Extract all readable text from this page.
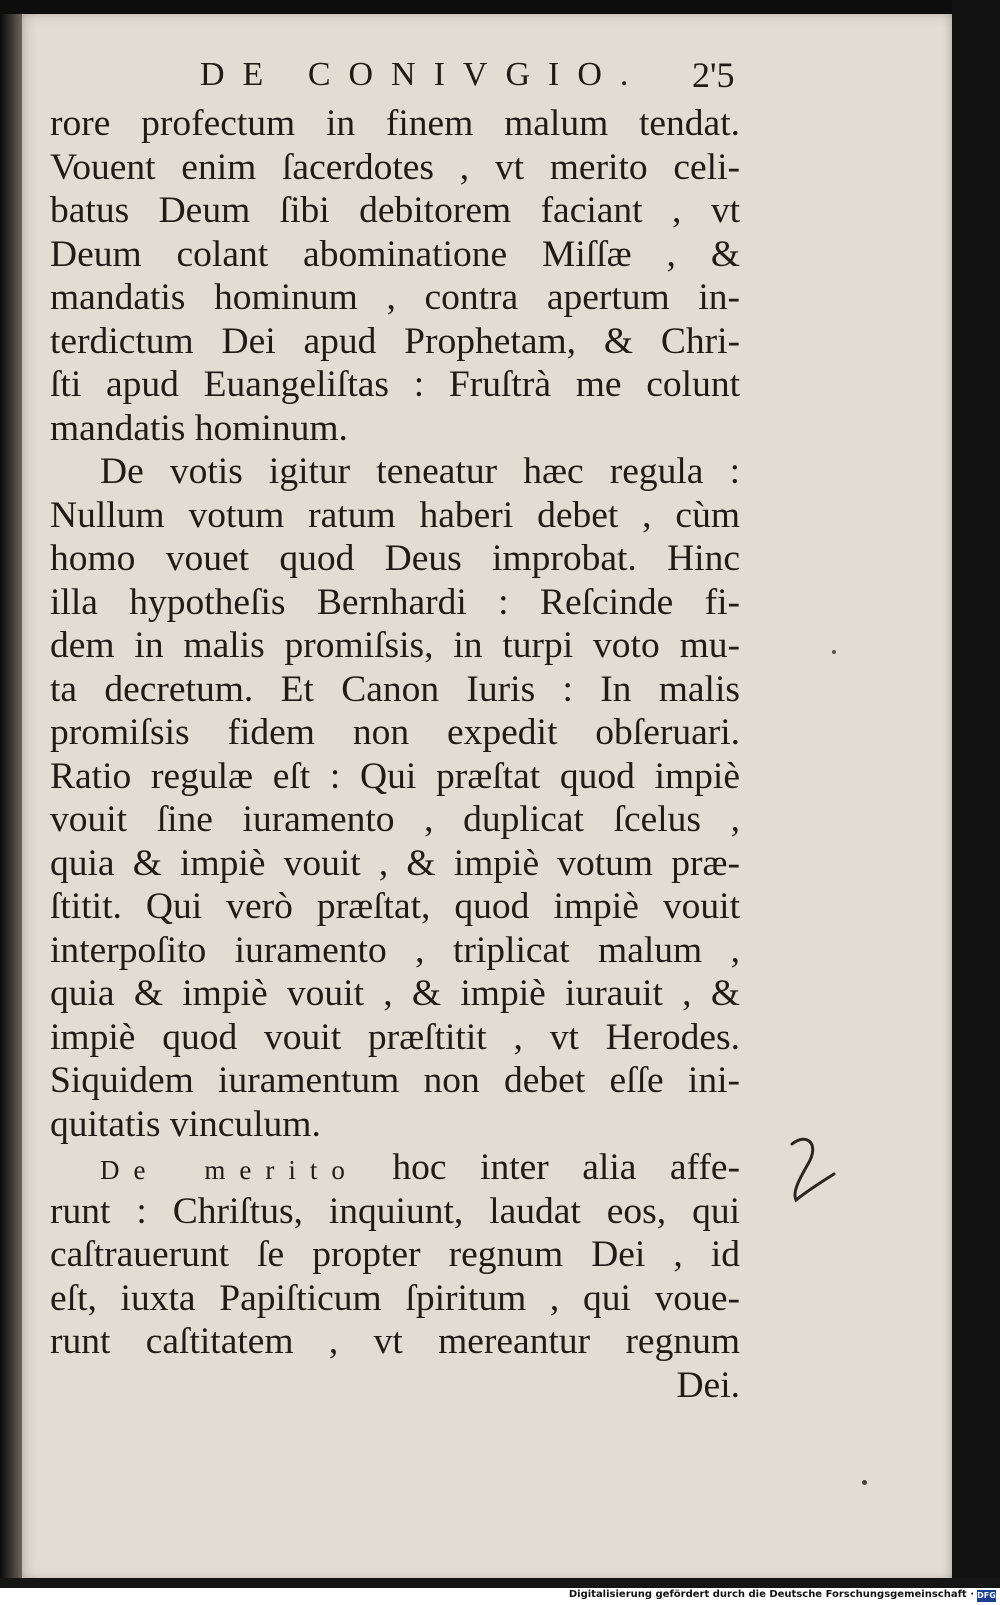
DE CONIVGIO. 2'5
rore profectum in finem malum tendat.
Vouent enim ſacerdotes , vt merito celi-
batus Deum ſibi debitorem faciant , vt
Deum colant abominatione Miſſæ , &
mandatis hominum , contra apertum in-
terdictum Dei apud Prophetam, & Chri-
ſti apud Euangeliſtas : Fruſtrà me colunt
mandatis hominum.
De votis igitur teneatur hæc regula :
Nullum votum ratum haberi debet , cùm
homo vouet quod Deus improbat. Hinc
illa hypotheſis Bernhardi : Reſcinde fi-
dem in malis promiſsis, in turpi voto mu-
ta decretum. Et Canon Iuris : In malis
promiſsis fidem non expedit obſeruari.
Ratio regulæ eſt : Qui præſtat quod impiè
vouit ſine iuramento , duplicat ſcelus ,
quia & impiè vouit , & impiè votum præ-
ſtitit. Qui verò præſtat, quod impiè vouit
interpoſito iuramento , triplicat malum ,
quia & impiè vouit , & impiè iurauit , &
impiè quod vouit præſtitit , vt Herodes.
Siquidem iuramentum non debet eſſe ini-
quitatis vinculum.
De merito hoc inter alia affe-
runt : Chriſtus, inquiunt, laudat eos, qui
caſtrauerunt ſe propter regnum Dei , id
eſt, iuxta Papiſticum ſpiritum , qui voue-
runt caſtitatem , vt mereantur regnum
Dei.
Digitalisierung gefördert durch die Deutsche Forschungsgemeinschaft · DFG
